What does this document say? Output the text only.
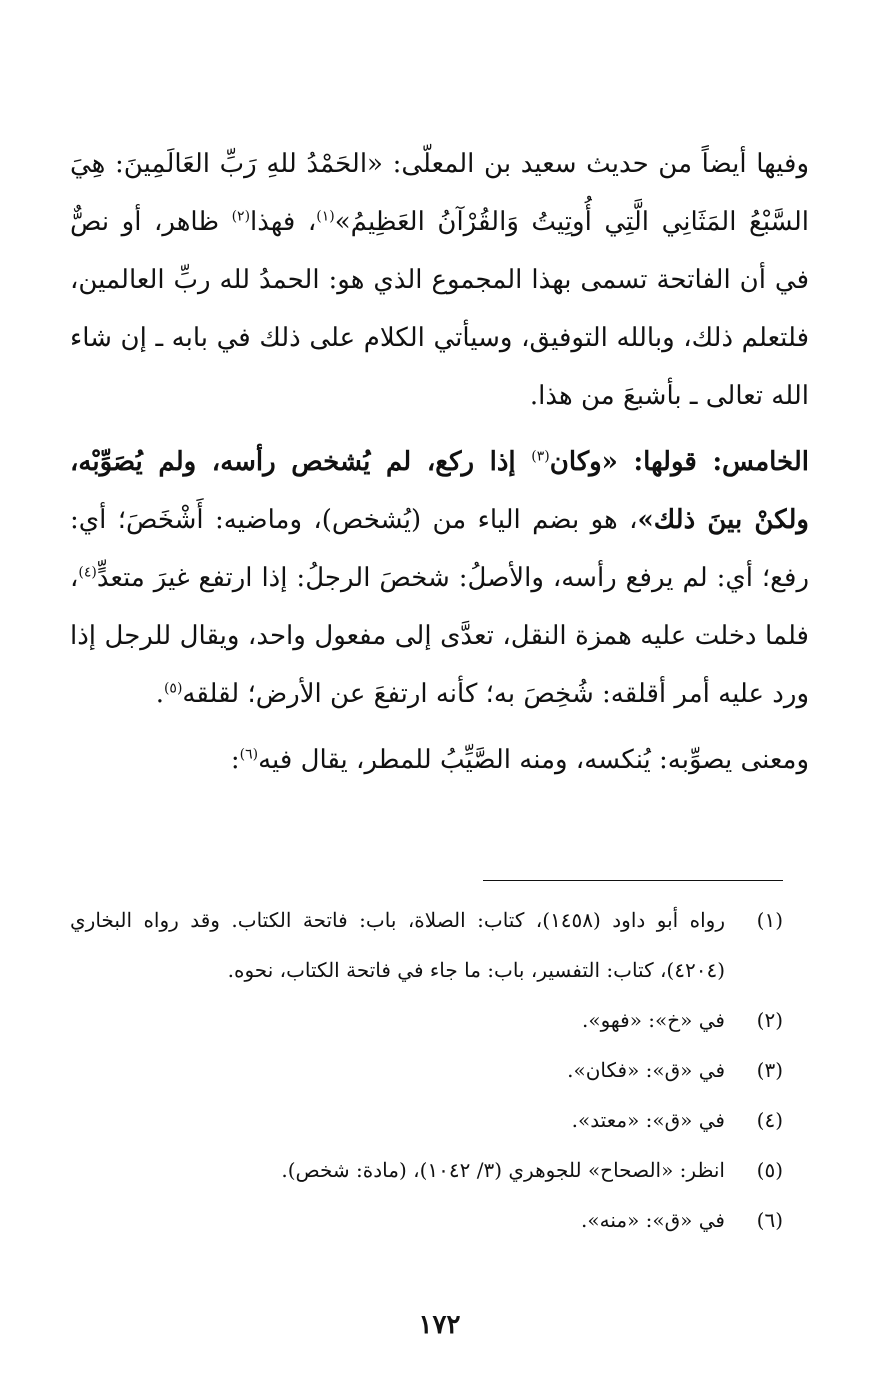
وفيها أيضاً من حديث سعيد بن المعلّى: «الحَمْدُ للهِ رَبِّ العَالَمِينَ: هِيَ السَّبْعُ المَثَانِي الَّتِي أُوتِيتُ وَالقُرْآنُ العَظِيمُ»$^{(١)}$، فهذا$^{(٢)}$ ظاهر، أو نصٌّ في أن الفاتحة تسمى بهذا المجموع الذي هو: الحمدُ لله ربِّ العالمين، فلتعلم ذلك، وبالله التوفيق، وسيأتي الكلام على ذلك في بابه ـ إن شاء الله تعالى ـ بأشبعَ من هذا.

الخامس: قولها: «وكان$^{(٣)}$ إذا ركع، لم يُشخص رأسه، ولم يُصَوِّبْه، ولكنْ بينَ ذلك»، هو بضم الياء من (يُشخص)، وماضيه: أَشْخَصَ؛ أي: رفع؛ أي: لم يرفع رأسه، والأصلُ: شخصَ الرجلُ: إذا ارتفع غيرَ متعدٍّ$^{(٤)}$، فلما دخلت عليه همزة النقل، تعدَّى إلى مفعول واحد، ويقال للرجل إذا ورد عليه أمر أقلقه: شُخِصَ به؛ كأنه ارتفعَ عن الأرض؛ لقلقه$^{(٥)}$.

ومعنى يصوِّبه: يُنكسه، ومنه الصَّيِّبُ للمطر، يقال فيه$^{(٦)}$:

(١)
رواه أبو داود (١٤٥٨)، كتاب: الصلاة، باب: فاتحة الكتاب. وقد رواه البخاري (٤٢٠٤)، كتاب: التفسير، باب: ما جاء في فاتحة الكتاب، نحوه.
(٢)
في «خ»: «فهو».
(٣)
في «ق»: «فكان».
(٤)
في «ق»: «معتد».
(٥)
انظر: «الصحاح» للجوهري (٣/ ١٠٤٢)، (مادة: شخص).
(٦)
في «ق»: «منه».
١٧٢
